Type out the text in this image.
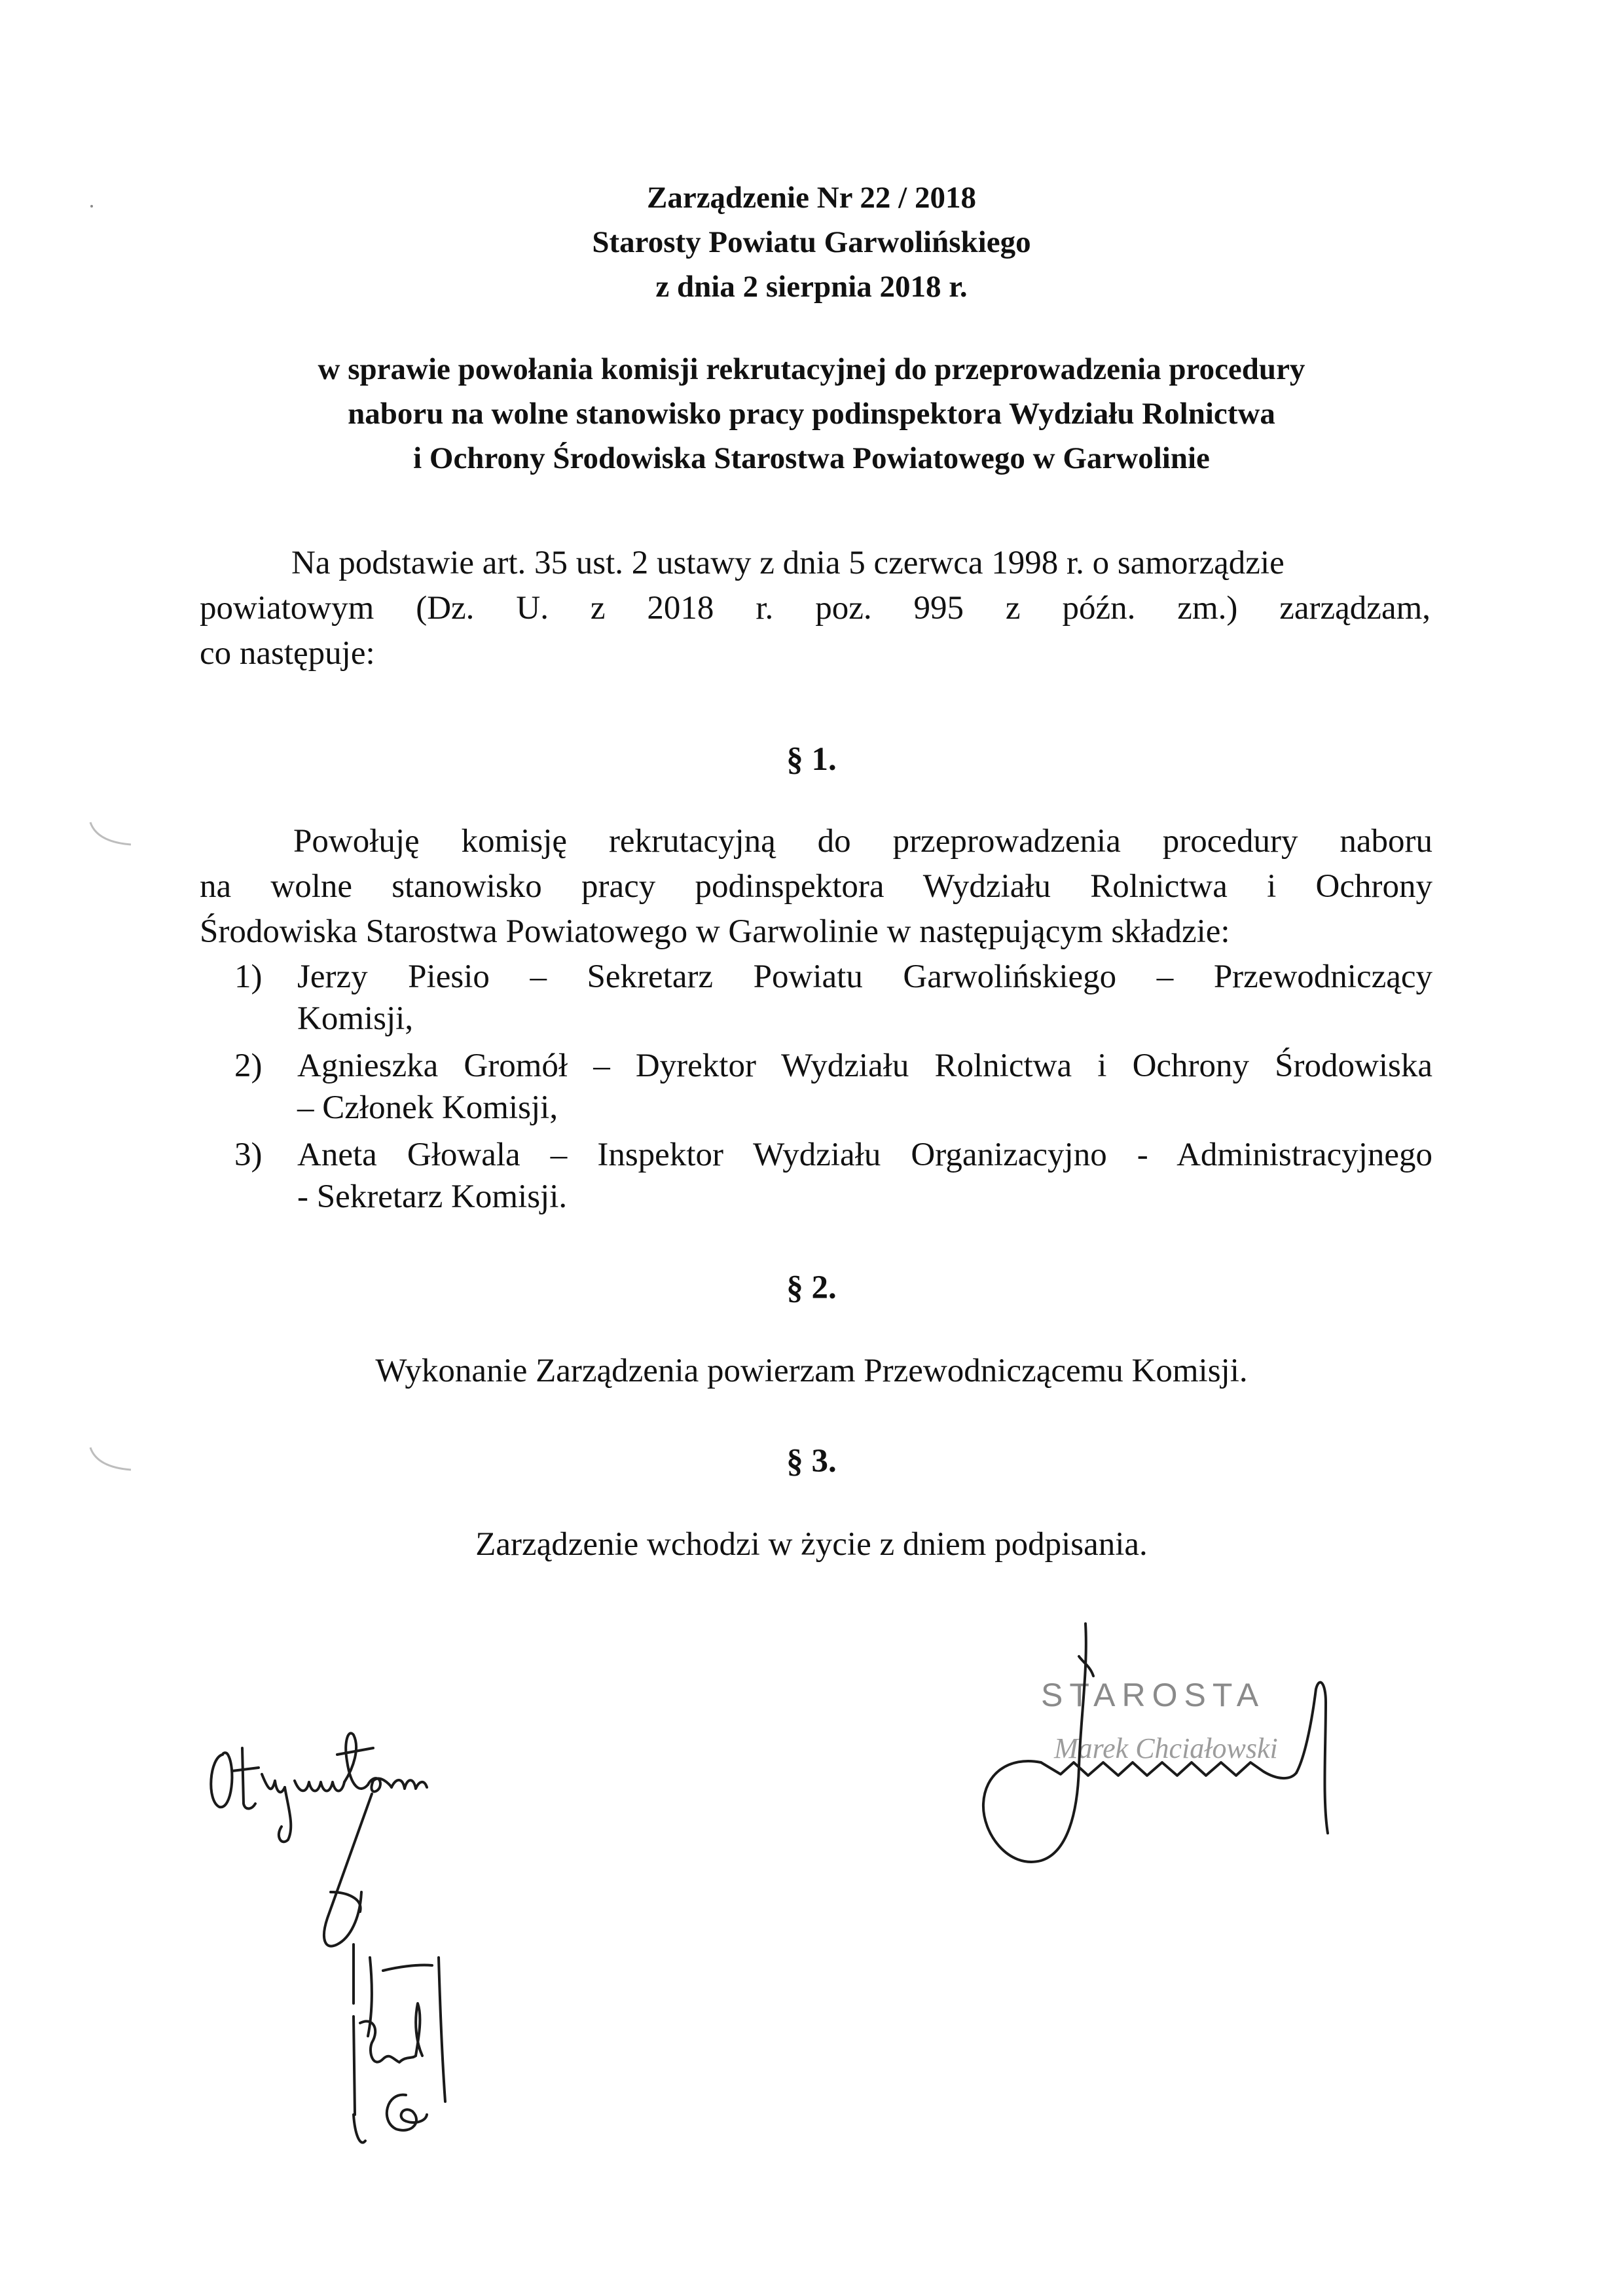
Zarządzenie Nr 22 / 2018
Starosty Powiatu Garwolińskiego
z dnia 2 sierpnia 2018 r.
w sprawie powołania komisji rekrutacyjnej do przeprowadzenia procedury
naboru na wolne stanowisko pracy podinspektora Wydziału Rolnictwa
i Ochrony Środowiska Starostwa Powiatowego w Garwolinie
Na podstawie art. 35 ust. 2 ustawy z dnia 5 czerwca 1998 r. o samorządzie
powiatowym (Dz. U. z 2018 r. poz. 995 z późn. zm.) zarządzam,
co następuje:
§ 1.
Powołuję komisję rekrutacyjną do przeprowadzenia procedury naboru
na wolne stanowisko pracy podinspektora Wydziału Rolnictwa i Ochrony
Środowiska Starostwa Powiatowego w Garwolinie w następującym składzie:
1) Jerzy Piesio – Sekretarz Powiatu Garwolińskiego – Przewodniczący
Komisji,
2) Agnieszka Gromół – Dyrektor Wydziału Rolnictwa i Ochrony Środowiska
– Członek Komisji,
3) Aneta Głowala – Inspektor Wydziału Organizacyjno - Administracyjnego
- Sekretarz Komisji.
§ 2.
Wykonanie Zarządzenia powierzam Przewodniczącemu Komisji.
§ 3.
Zarządzenie wchodzi w życie z dniem podpisania.
STAROSTA
Marek Chciałowski
